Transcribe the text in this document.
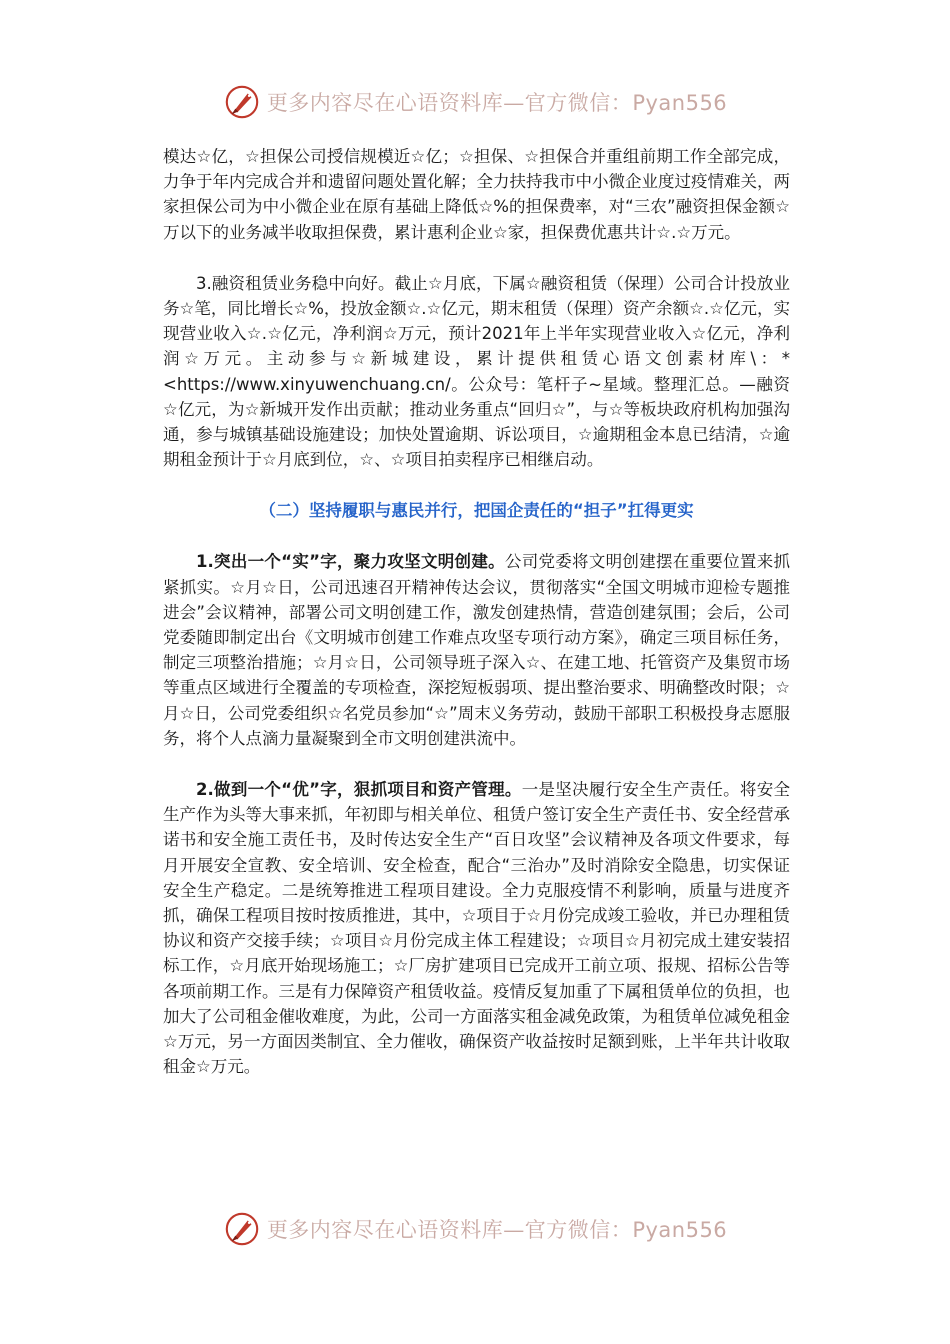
更多内容尽在心语资料库—官方微信：Pyan556

模达☆亿，☆担保公司授信规模近☆亿；☆担保、☆担保合并重组前期工作全部完成，力争于年内完成合并和遗留问题处置化解；全力扶持我市中小微企业度过疫情难关，两家担保公司为中小微企业在原有基础上降低☆%的担保费率，对“三农”融资担保金额☆万以下的业务减半收取担保费，累计惠利企业☆家，担保费优惠共计☆.☆万元。

3.融资租赁业务稳中向好。截止☆月底，下属☆融资租赁（保理）公司合计投放业务☆笔，同比增长☆%，投放金额☆.☆亿元，期末租赁（保理）资产余额☆.☆亿元，实现营业收入☆.☆亿元，净利润☆万元，预计2021年上半年实现营业收入☆亿元，净利润☆万元。主动参与☆新城建设，累计提供租赁心语文创素材库\：*<https://www.xinyuwenchuang.cn/。公众号：笔杆子~星域。整理汇总。—融资☆亿元，为☆新城开发作出贡献；推动业务重点“回归☆”，与☆等板块政府机构加强沟通，参与城镇基础设施建设；加快处置逾期、诉讼项目，☆逾期租金本息已结清，☆逾期租金预计于☆月底到位，☆、☆项目拍卖程序已相继启动。

（二）坚持履职与惠民并行，把国企责任的“担子”扛得更实

1.突出一个“实”字，聚力攻坚文明创建。公司党委将文明创建摆在重要位置来抓紧抓实。☆月☆日，公司迅速召开精神传达会议，贯彻落实“全国文明城市迎检专题推进会”会议精神，部署公司文明创建工作，激发创建热情，营造创建氛围；会后，公司党委随即制定出台《文明城市创建工作难点攻坚专项行动方案》，确定三项目标任务，制定三项整治措施；☆月☆日，公司领导班子深入☆、在建工地、托管资产及集贸市场等重点区域进行全覆盖的专项检查，深挖短板弱项、提出整治要求、明确整改时限；☆月☆日，公司党委组织☆名党员参加“☆”周末义务劳动，鼓励干部职工积极投身志愿服务，将个人点滴力量凝聚到全市文明创建洪流中。

2.做到一个“优”字，狠抓项目和资产管理。一是坚决履行安全生产责任。将安全生产作为头等大事来抓，年初即与相关单位、租赁户签订安全生产责任书、安全经营承诺书和安全施工责任书，及时传达安全生产“百日攻坚”会议精神及各项文件要求，每月开展安全宣教、安全培训、安全检查，配合“三治办”及时消除安全隐患，切实保证安全生产稳定。二是统筹推进工程项目建设。全力克服疫情不利影响，质量与进度齐抓，确保工程项目按时按质推进，其中，☆项目于☆月份完成竣工验收，并已办理租赁协议和资产交接手续；☆项目☆月份完成主体工程建设；☆项目☆月初完成土建安装招标工作，☆月底开始现场施工；☆厂房扩建项目已完成开工前立项、报规、招标公告等各项前期工作。三是有力保障资产租赁收益。疫情反复加重了下属租赁单位的负担，也加大了公司租金催收难度，为此，公司一方面落实租金减免政策，为租赁单位减免租金☆万元，另一方面因类制宜、全力催收，确保资产收益按时足额到账，上半年共计收取租金☆万元。

更多内容尽在心语资料库—官方微信：Pyan556
